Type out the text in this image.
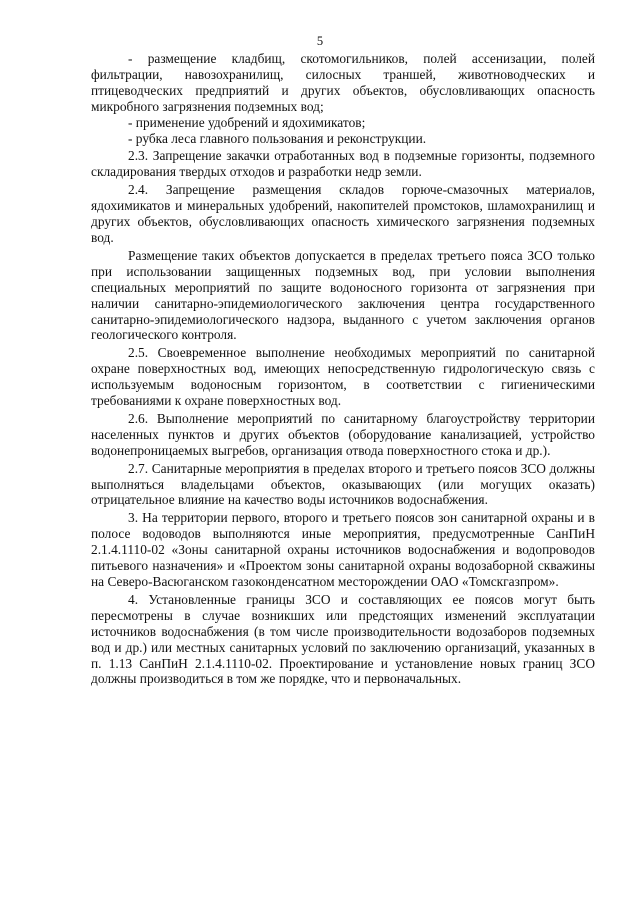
5

- размещение кладбищ, скотомогильников, полей ассенизации, полей фильтрации, навозохранилищ, силосных траншей, животноводческих и птицеводческих предприятий и других объектов, обусловливающих опасность микробного загрязнения подземных вод;

- применение удобрений и ядохимикатов;

- рубка леса главного пользования и реконструкции.

2.3. Запрещение закачки отработанных вод в подземные горизонты, подземного складирования твердых отходов и разработки недр земли.

2.4. Запрещение размещения складов горюче-смазочных материалов, ядохимикатов и минеральных удобрений, накопителей промстоков, шламохранилищ и других объектов, обусловливающих опасность химического загрязнения подземных вод.

Размещение таких объектов допускается в пределах третьего пояса ЗСО только при использовании защищенных подземных вод, при условии выполнения специальных мероприятий по защите водоносного горизонта от загрязнения при наличии санитарно-эпидемиологического заключения центра государственного санитарно-эпидемиологического надзора, выданного с учетом заключения органов геологического контроля.

2.5. Своевременное выполнение необходимых мероприятий по санитарной охране поверхностных вод, имеющих непосредственную гидрологическую связь с используемым водоносным горизонтом, в соответствии с гигиеническими требованиями к охране поверхностных вод.

2.6. Выполнение мероприятий по санитарному благоустройству территории населенных пунктов и других объектов (оборудование канализацией, устройство водонепроницаемых выгребов, организация отвода поверхностного стока и др.).

2.7. Санитарные мероприятия в пределах второго и третьего поясов ЗСО должны выполняться владельцами объектов, оказывающих (или могущих оказать) отрицательное влияние на качество воды источников водоснабжения.

3. На территории первого, второго и третьего поясов зон санитарной охраны и в полосе водоводов выполняются иные мероприятия, предусмотренные СанПиН 2.1.4.1110-02 «Зоны санитарной охраны источников водоснабжения и водопроводов питьевого назначения» и «Проектом зоны санитарной охраны водозаборной скважины на Северо-Васюганском газоконденсатном месторождении ОАО «Томскгазпром».

4. Установленные границы ЗСО и составляющих ее поясов могут быть пересмотрены в случае возникших или предстоящих изменений эксплуатации источников водоснабжения (в том числе производительности водозаборов подземных вод и др.) или местных санитарных условий по заключению организаций, указанных в п. 1.13 СанПиН 2.1.4.1110-02. Проектирование и установление новых границ ЗСО должны производиться в том же порядке, что и первоначальных.
